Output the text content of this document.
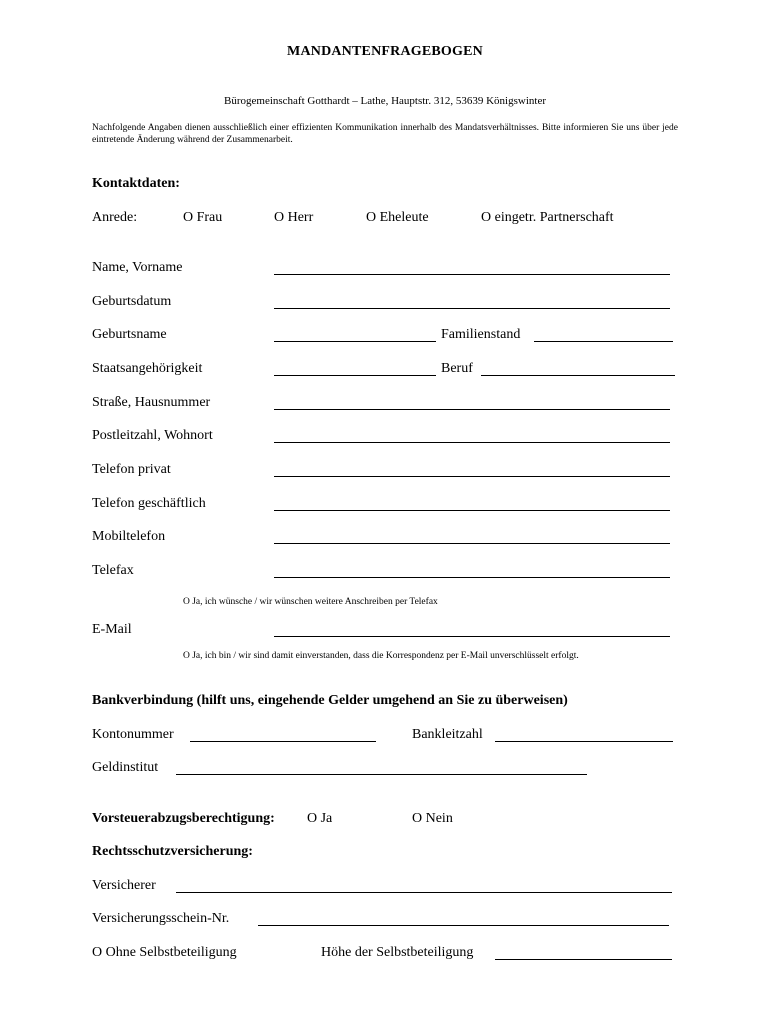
MANDANTENFRAGEBOGEN
Bürogemeinschaft Gotthardt – Lathe, Hauptstr. 312, 53639 Königswinter
Nachfolgende Angaben dienen ausschließlich einer effizienten Kommunikation innerhalb des Mandatsverhältnisses. Bitte informieren Sie uns über jede eintretende Änderung während der Zusammenarbeit.
Kontaktdaten:
Anrede:	O Frau	O Herr	O Eheleute	O eingetr. Partnerschaft
Name, Vorname
Geburtsdatum
Geburtsname	Familienstand
Staatsangehörigkeit	Beruf
Straße, Hausnummer
Postleitzahl, Wohnort
Telefon privat
Telefon geschäftlich
Mobiltelefon
Telefax
O Ja, ich wünsche / wir wünschen weitere Anschreiben per Telefax
E-Mail
O Ja, ich bin / wir sind damit einverstanden, dass die Korrespondenz per E-Mail unverschlüsselt erfolgt.
Bankverbindung (hilft uns, eingehende Gelder umgehend an Sie zu überweisen)
Kontonummer	Bankleitzahl
Geldinstitut
Vorsteuerabzugsberechtigung: O Ja	O Nein
Rechtsschutzversicherung:
Versicherer
Versicherungsschein-Nr.
O Ohne Selbstbeteiligung	Höhe der Selbstbeteiligung
